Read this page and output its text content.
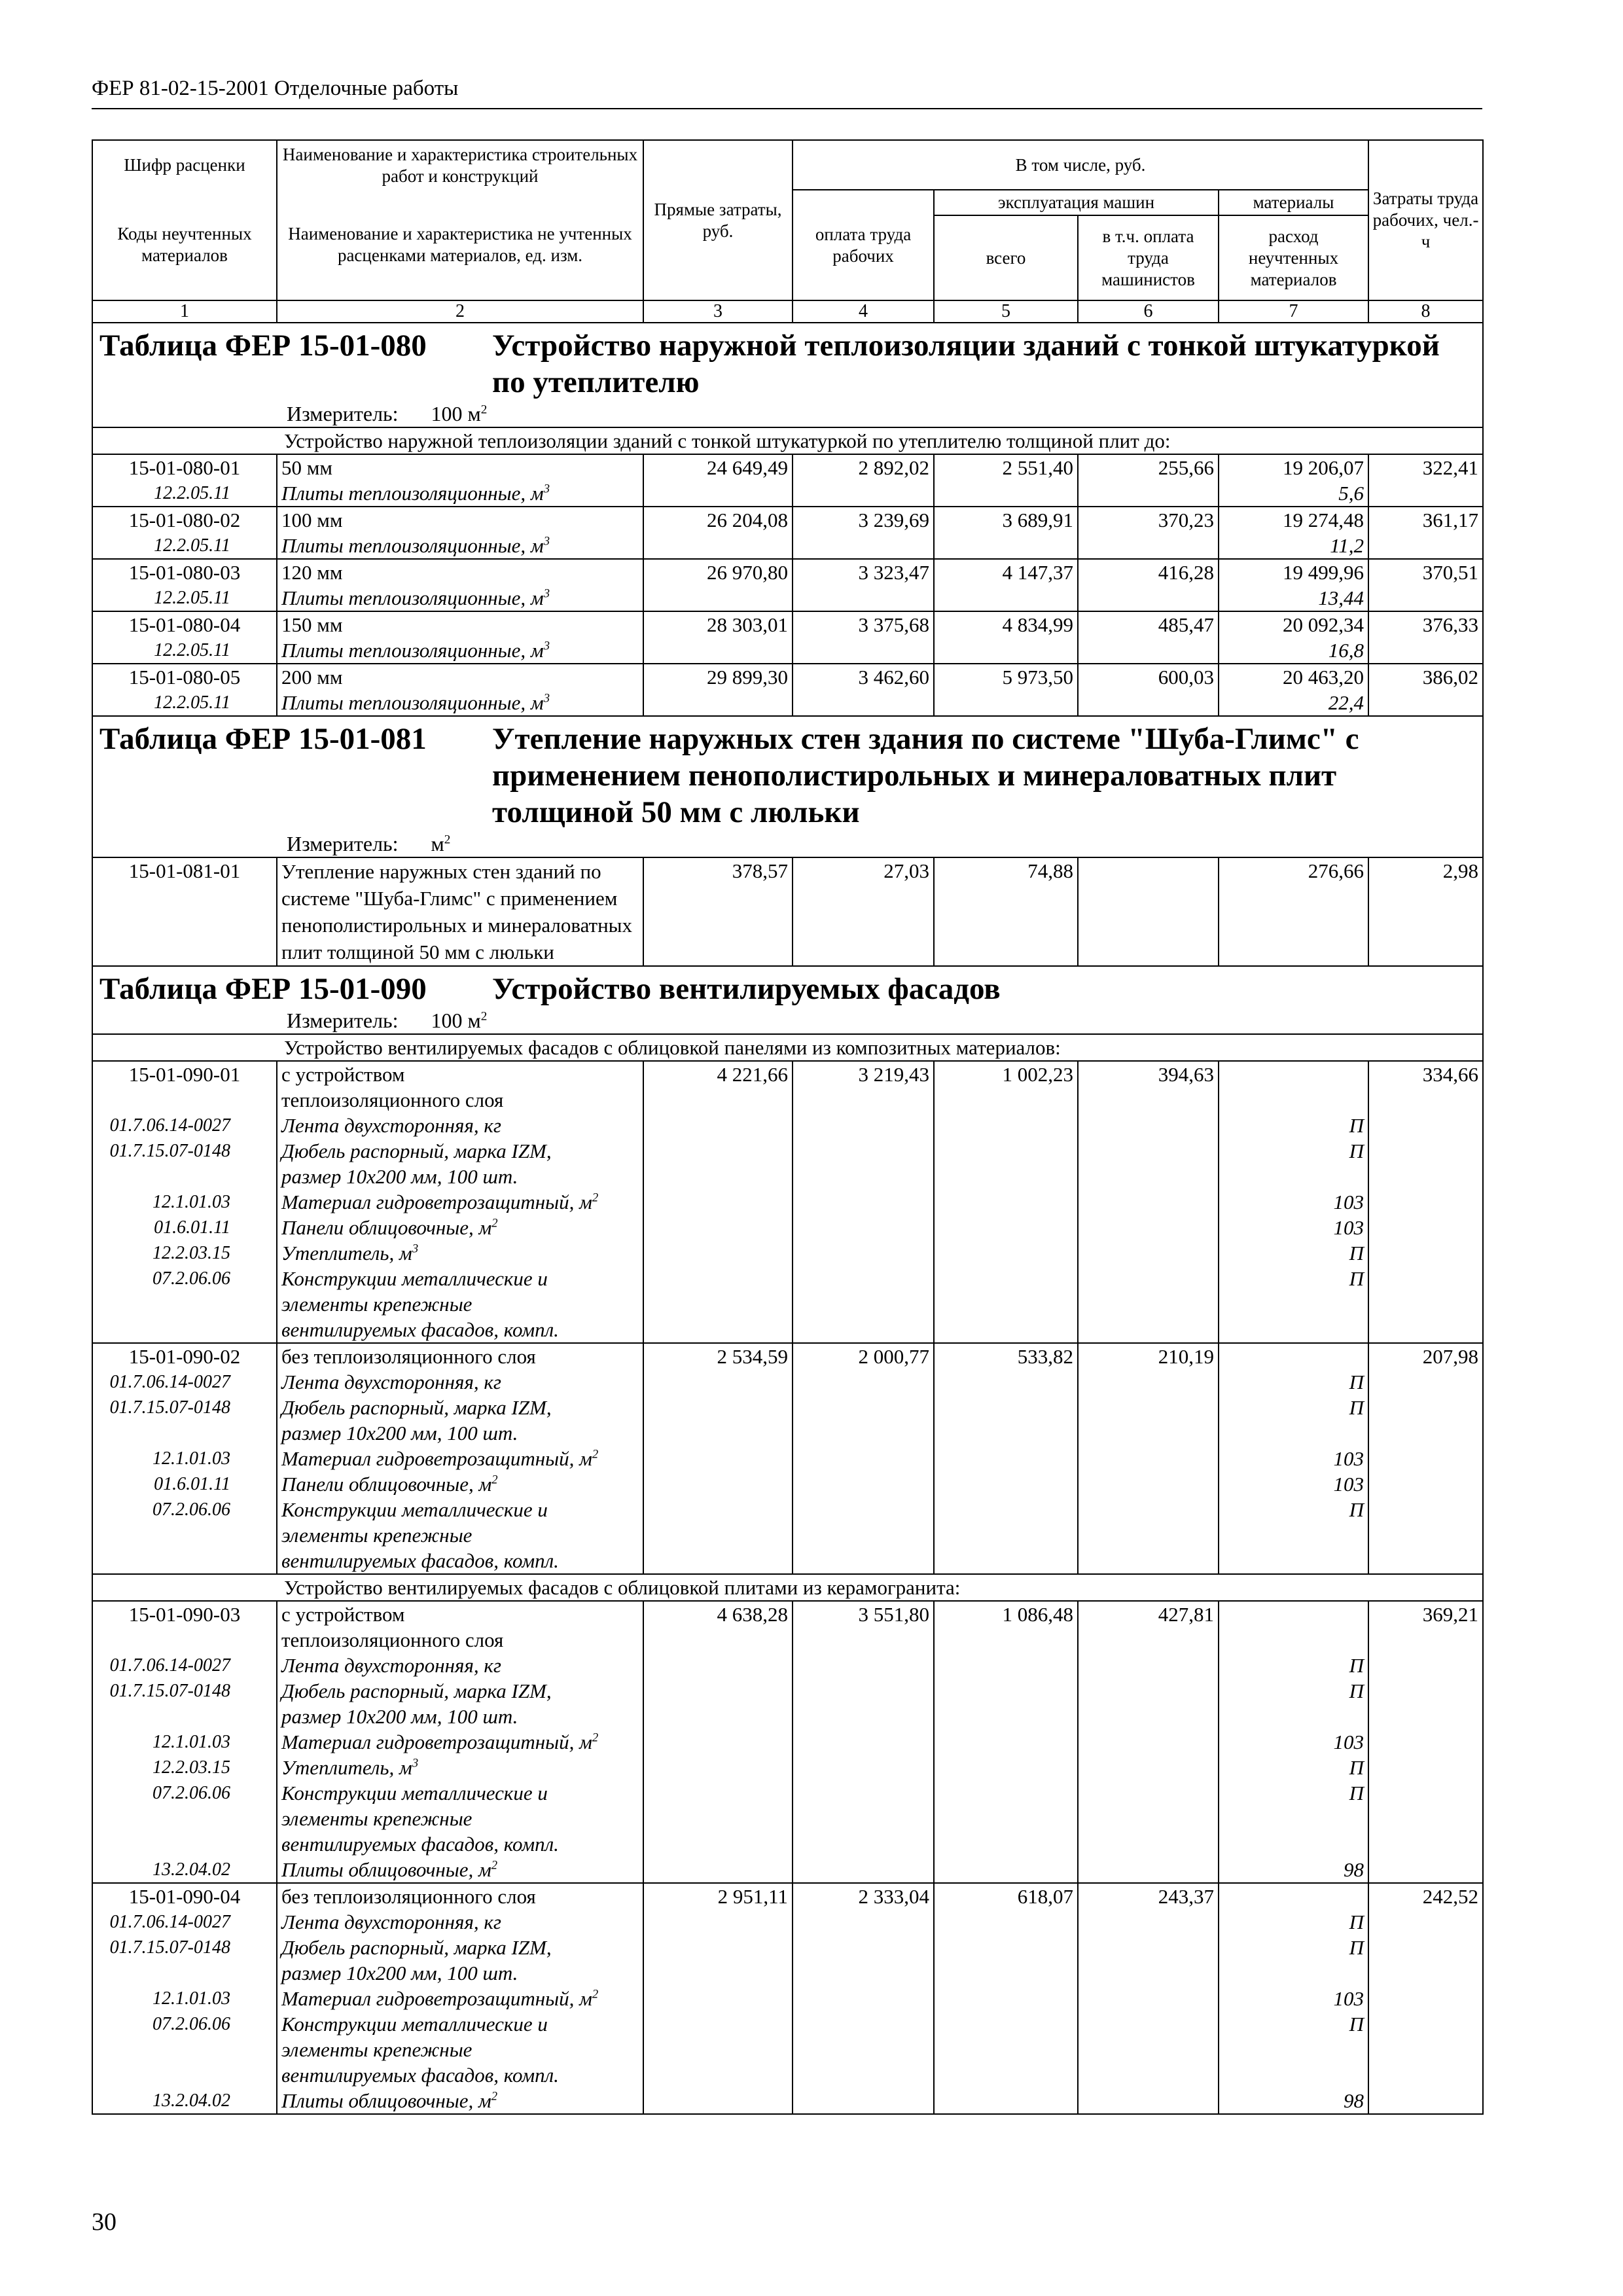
ФЕР 81-02-15-2001 Отделочные работы
Шифр расценки	Наименование и характеристика строительных работ и конструкций	Прямые затраты, руб.	В том числе, руб.				Затраты труда рабочих, чел.-ч
Коды неучтенных материалов	Наименование и характеристика не учтенных расценками материалов, ед. изм.		оплата труда рабочих	эксплуатация машин		материалы	
				всего	в т.ч. оплата труда машинистов	расход неучтенных материалов	
1	2	3	4	5	6	7	8

Таблица ФЕР 15-01-080 Устройство наружной теплоизоляции зданий с тонкой штукатуркой по утеплителю
Измеритель: 100 $м^2$

Устройство наружной теплоизоляции зданий с тонкой штукатуркой по утеплителю толщиной плит до:							
15-01-080-01	50 мм	24 649,49	2 892,02	2 551,40	255,66	19 206,07	322,41
12.2.05.11	Плиты теплоизоляционные, $м^3$					5,6	
15-01-080-02	100 мм	26 204,08	3 239,69	3 689,91	370,23	19 274,48	361,17
12.2.05.11	Плиты теплоизоляционные, $м^3$					11,2	
15-01-080-03	120 мм	26 970,80	3 323,47	4 147,37	416,28	19 499,96	370,51
12.2.05.11	Плиты теплоизоляционные, $м^3$					13,44	
15-01-080-04	150 мм	28 303,01	3 375,68	4 834,99	485,47	20 092,34	376,33
12.2.05.11	Плиты теплоизоляционные, $м^3$					16,8	
15-01-080-05	200 мм	29 899,30	3 462,60	5 973,50	600,03	20 463,20	386,02
12.2.05.11	Плиты теплоизоляционные, $м^3$					22,4	

Таблица ФЕР 15-01-081 Утепление наружных стен здания по системе "Шуба-Глимс" с применением пенополистирольных и минераловатных плит толщиной 50 мм с люльки
Измеритель: $м^2$

15-01-081-01	Утепление наружных стен зданий по системе "Шуба-Глимс" с применением пенополистирольных и минераловатных плит толщиной 50 мм с люльки	378,57	27,03	74,88		276,66	2,98

Таблица ФЕР 15-01-090 Устройство вентилируемых фасадов
Измеритель: 100 $м^2$

Устройство вентилируемых фасадов с облицовкой панелями из композитных материалов:							
15-01-090-01	с устройством	4 221,66	3 219,43	1 002,23	394,63		334,66
	теплоизоляционного слоя						
01.7.06.14-0027	Лента двухсторонняя, кг					П	
01.7.15.07-0148	Дюбель распорный, марка IZM,					П	
	размер 10х200 мм, 100 шт.						
12.1.01.03	Материал гидроветрозащитный, $м^2$					103	
01.6.01.11	Панели облицовочные, $м^2$					103	
12.2.03.15	Утеплитель, $м^3$					П	
07.2.06.06	Конструкции металлические и					П	
	элементы крепежные						
	вентилируемых фасадов, компл.						
15-01-090-02	без теплоизоляционного слоя	2 534,59	2 000,77	533,82	210,19		207,98
01.7.06.14-0027	Лента двухсторонняя, кг					П	
01.7.15.07-0148	Дюбель распорный, марка IZM,					П	
	размер 10х200 мм, 100 шт.						
12.1.01.03	Материал гидроветрозащитный, $м^2$					103	
01.6.01.11	Панели облицовочные, $м^2$					103	
07.2.06.06	Конструкции металлические и					П	
	элементы крепежные						
	вентилируемых фасадов, компл.						
Устройство вентилируемых фасадов с облицовкой плитами из керамогранита:							
15-01-090-03	с устройством	4 638,28	3 551,80	1 086,48	427,81		369,21
	теплоизоляционного слоя						
01.7.06.14-0027	Лента двухсторонняя, кг					П	
01.7.15.07-0148	Дюбель распорный, марка IZM,					П	
	размер 10х200 мм, 100 шт.						
12.1.01.03	Материал гидроветрозащитный, $м^2$					103	
12.2.03.15	Утеплитель, $м^3$					П	
07.2.06.06	Конструкции металлические и					П	
	элементы крепежные						
	вентилируемых фасадов, компл.						
13.2.04.02	Плиты облицовочные, $м^2$					98	
15-01-090-04	без теплоизоляционного слоя	2 951,11	2 333,04	618,07	243,37		242,52
01.7.06.14-0027	Лента двухсторонняя, кг					П	
01.7.15.07-0148	Дюбель распорный, марка IZM,					П	
	размер 10х200 мм, 100 шт.						
12.1.01.03	Материал гидроветрозащитный, $м^2$					103	
07.2.06.06	Конструкции металлические и					П	
	элементы крепежные						
	вентилируемых фасадов, компл.						
13.2.04.02	Плиты облицовочные, $м^2$					98	
30
